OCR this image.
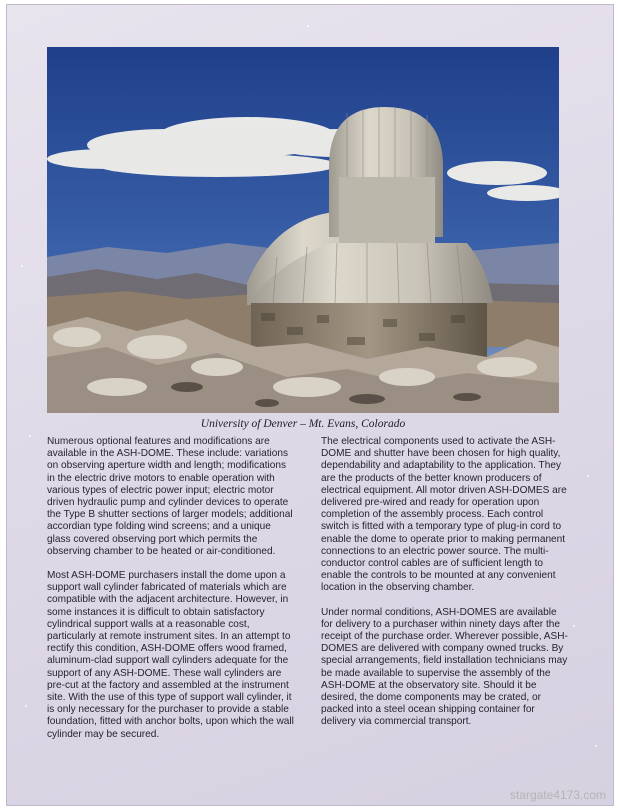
University of Denver – Mt. Evans, Colorado

Numerous optional features and modifications are available in the ASH-DOME. These include: variations on observing aperture width and length; modifications in the electric drive motors to enable operation with various types of electric power input; electric motor driven hydraulic pump and cylinder devices to operate the Type B shutter sections of larger models; additional accordian type folding wind screens; and a unique glass covered observing port which permits the observing chamber to be heated or air-conditioned.

Most ASH-DOME purchasers install the dome upon a support wall cylinder fabricated of materials which are compatible with the adjacent architecture. However, in some instances it is difficult to obtain satisfactory cylindrical support walls at a reasonable cost, particularly at remote instrument sites. In an attempt to rectify this condition, ASH-DOME offers wood framed, aluminum-clad support wall cylinders adequate for the support of any ASH-DOME. These wall cylinders are pre-cut at the factory and assembled at the instrument site. With the use of this type of support wall cylinder, it is only necessary for the purchaser to provide a stable foundation, fitted with anchor bolts, upon which the wall cylinder may be secured.

The electrical components used to activate the ASH-DOME and shutter have been chosen for high quality, dependability and adaptability to the application. They are the products of the better known producers of electrical equipment. All motor driven ASH-DOMES are delivered pre-wired and ready for operation upon completion of the assembly process. Each control switch is fitted with a temporary type of plug-in cord to enable the dome to operate prior to making permanent connections to an electric power source. The multi-conductor control cables are of sufficient length to enable the controls to be mounted at any convenient location in the observing chamber.

Under normal conditions, ASH-DOMES are available for delivery to a purchaser within ninety days after the receipt of the purchase order. Wherever possible, ASH-DOMES are delivered with company owned trucks. By special arrangements, field installation technicians may be made available to supervise the assembly of the ASH-DOME at the observatory site. Should it be desired, the dome components may be crated, or packed into a steel ocean shipping container for delivery via commercial transport.

stargate4173.com
